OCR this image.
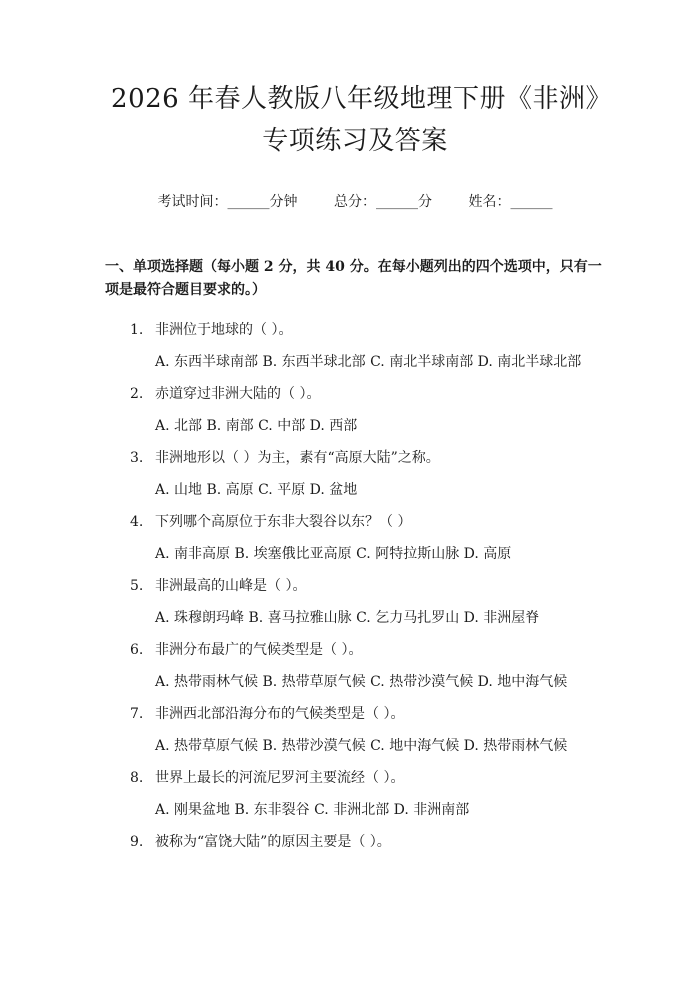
2026 年春人教版八年级地理下册《非洲》专项练习及答案
考试时间：______分钟	总分：______分	姓名：______
一、单项选择题（每小题 2 分，共 40 分。在每小题列出的四个选项中，只有一项是最符合题目要求的。）
1. 非洲位于地球的（ ）。
A. 东西半球南部 B. 东西半球北部 C. 南北半球南部 D. 南北半球北部
2. 赤道穿过非洲大陆的（ ）。
A. 北部 B. 南部 C. 中部 D. 西部
3. 非洲地形以（ ）为主，素有“高原大陆”之称。
A. 山地 B. 高原 C. 平原 D. 盆地
4. 下列哪个高原位于东非大裂谷以东？（ ）
A. 南非高原 B. 埃塞俄比亚高原 C. 阿特拉斯山脉 D. 高原
5. 非洲最高的山峰是（ ）。
A. 珠穆朗玛峰 B. 喜马拉雅山脉 C. 乞力马扎罗山 D. 非洲屋脊
6. 非洲分布最广的气候类型是（ ）。
A. 热带雨林气候 B. 热带草原气候 C. 热带沙漠气候 D. 地中海气候
7. 非洲西北部沿海分布的气候类型是（ ）。
A. 热带草原气候 B. 热带沙漠气候 C. 地中海气候 D. 热带雨林气候
8. 世界上最长的河流尼罗河主要流经（ ）。
A. 刚果盆地 B. 东非裂谷 C. 非洲北部 D. 非洲南部
9. 被称为“富饶大陆”的原因主要是（ ）。
